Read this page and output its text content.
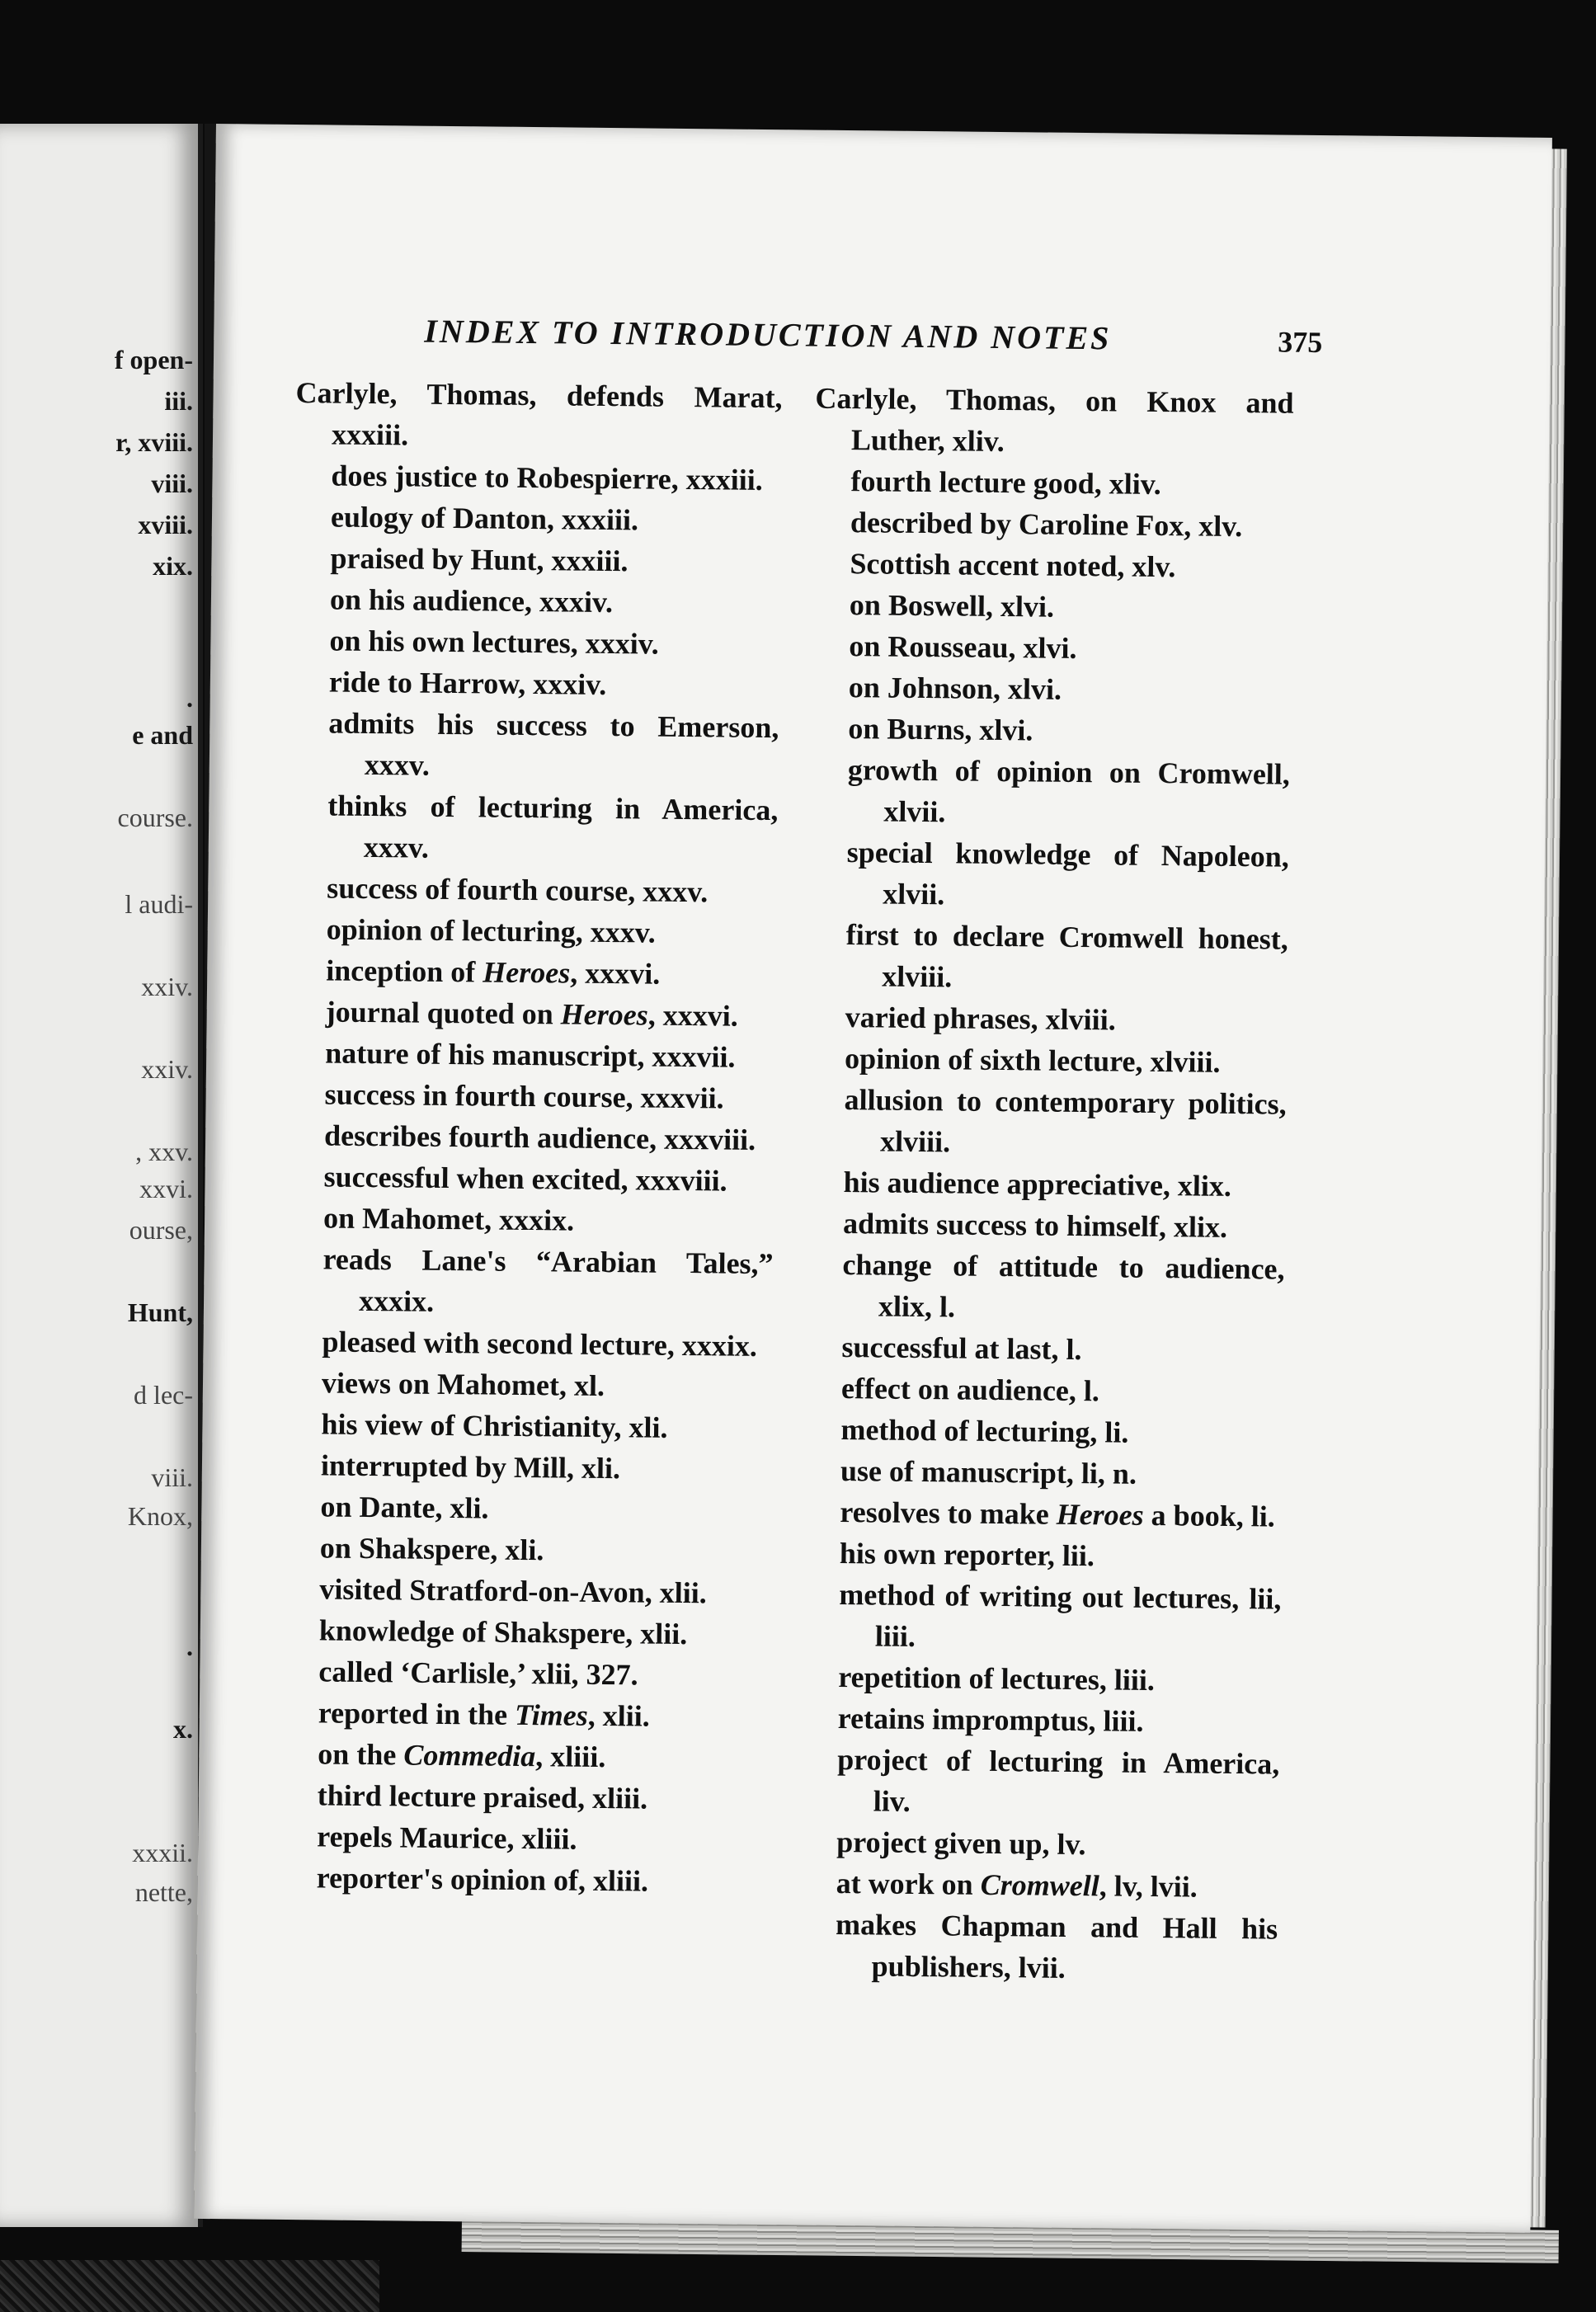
f open-
iii.
r, xviii.
viii.
xviii.
xix.
.
e and
course.
l audi-
xxiv.
xxiv.
, xxv.
xxvi.
ourse,
Hunt,
d lec-
viii.
Knox,
.
x.
xxxii.
nette,
INDEX TO INTRODUCTION AND NOTES	375
Carlyle, Thomas, defends Marat, xxxiii.
does justice to Robespierre, xxxiii.
eulogy of Danton, xxxiii.
praised by Hunt, xxxiii.
on his audience, xxxiv.
on his own lectures, xxxiv.
ride to Harrow, xxxiv.
admits his success to Emerson, xxxv.
thinks of lecturing in America, xxxv.
success of fourth course, xxxv.
opinion of lecturing, xxxv.
inception of Heroes, xxxvi.
journal quoted on Heroes, xxxvi.
nature of his manuscript, xxxvii.
success in fourth course, xxxvii.
describes fourth audience, xxxviii.
successful when excited, xxxviii.
on Mahomet, xxxix.
reads Lane's “Arabian Tales,” xxxix.
pleased with second lecture, xxxix.
views on Mahomet, xl.
his view of Christianity, xli.
interrupted by Mill, xli.
on Dante, xli.
on Shakspere, xli.
visited Stratford-on-Avon, xlii.
knowledge of Shakspere, xlii.
called ‘Carlisle,’ xlii, 327.
reported in the Times, xlii.
on the Commedia, xliii.
third lecture praised, xliii.
repels Maurice, xliii.
reporter's opinion of, xliii.
Carlyle, Thomas, on Knox and Luther, xliv.
fourth lecture good, xliv.
described by Caroline Fox, xlv.
Scottish accent noted, xlv.
on Boswell, xlvi.
on Rousseau, xlvi.
on Johnson, xlvi.
on Burns, xlvi.
growth of opinion on Cromwell, xlvii.
special knowledge of Napoleon, xlvii.
first to declare Cromwell honest, xlviii.
varied phrases, xlviii.
opinion of sixth lecture, xlviii.
allusion to contemporary politics, xlviii.
his audience appreciative, xlix.
admits success to himself, xlix.
change of attitude to audience, xlix, l.
successful at last, l.
effect on audience, l.
method of lecturing, li.
use of manuscript, li, n.
resolves to make Heroes a book, li.
his own reporter, lii.
method of writing out lectures, lii, liii.
repetition of lectures, liii.
retains impromptus, liii.
project of lecturing in America, liv.
project given up, lv.
at work on Cromwell, lv, lvii.
makes Chapman and Hall his publishers, lvii.
